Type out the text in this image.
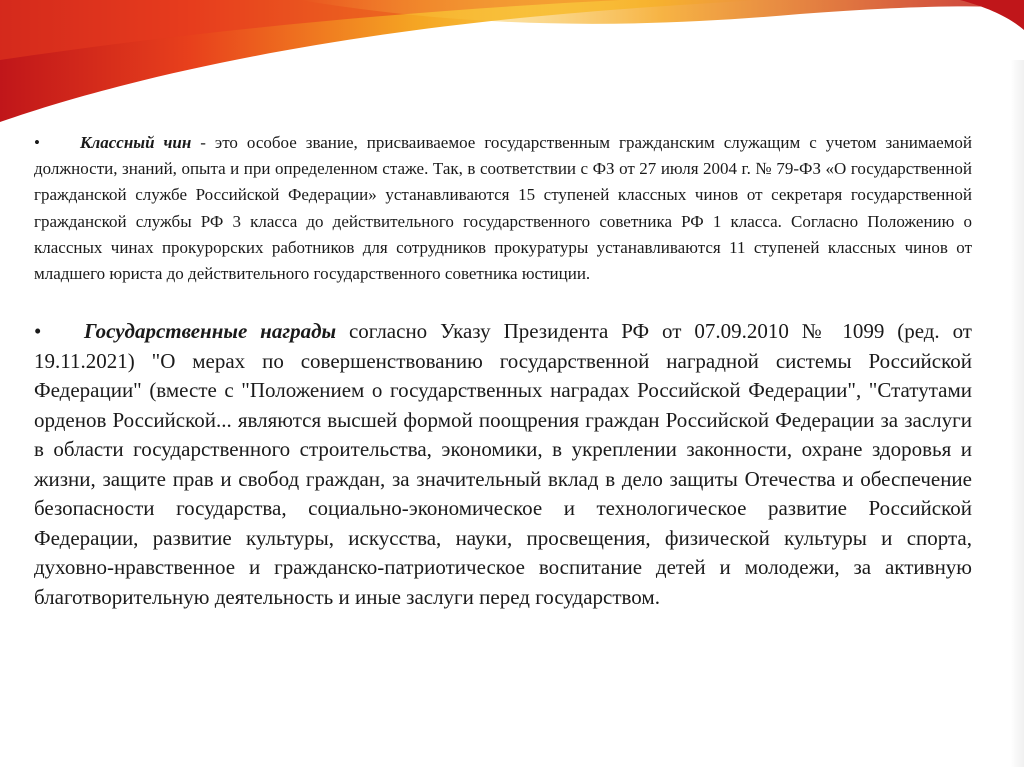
• Классный чин - это особое звание, присваиваемое государственным гражданским служащим с учетом занимаемой должности, знаний, опыта и при определенном стаже. Так, в соответствии с ФЗ от 27 июля 2004 г. № 79-ФЗ «О государственной гражданской службе Российской Федерации» устанавливаются 15 ступеней классных чинов от секретаря государственной гражданской службы РФ 3 класса до действительного государственного советника РФ 1 класса. Согласно Положению о классных чинах прокурорских работников для сотрудников прокуратуры устанавливаются 11 ступеней классных чинов от младшего юриста до действительного государственного советника юстиции.

• Государственные награды согласно Указу Президента РФ от 07.09.2010 № 1099 (ред. от 19.11.2021) "О мерах по совершенствованию государственной наградной системы Российской Федерации" (вместе с "Положением о государственных наградах Российской Федерации", "Статутами орденов Российской... являются высшей формой поощрения граждан Российской Федерации за заслуги в области государственного строительства, экономики, в укреплении законности, охране здоровья и жизни, защите прав и свобод граждан, за значительный вклад в дело защиты Отечества и обеспечение безопасности государства, социально-экономическое и технологическое развитие Российской Федерации, развитие культуры, искусства, науки, просвещения, физической культуры и спорта, духовно-нравственное и гражданско-патриотическое воспитание детей и молодежи, за активную благотворительную деятельность и иные заслуги перед государством.
